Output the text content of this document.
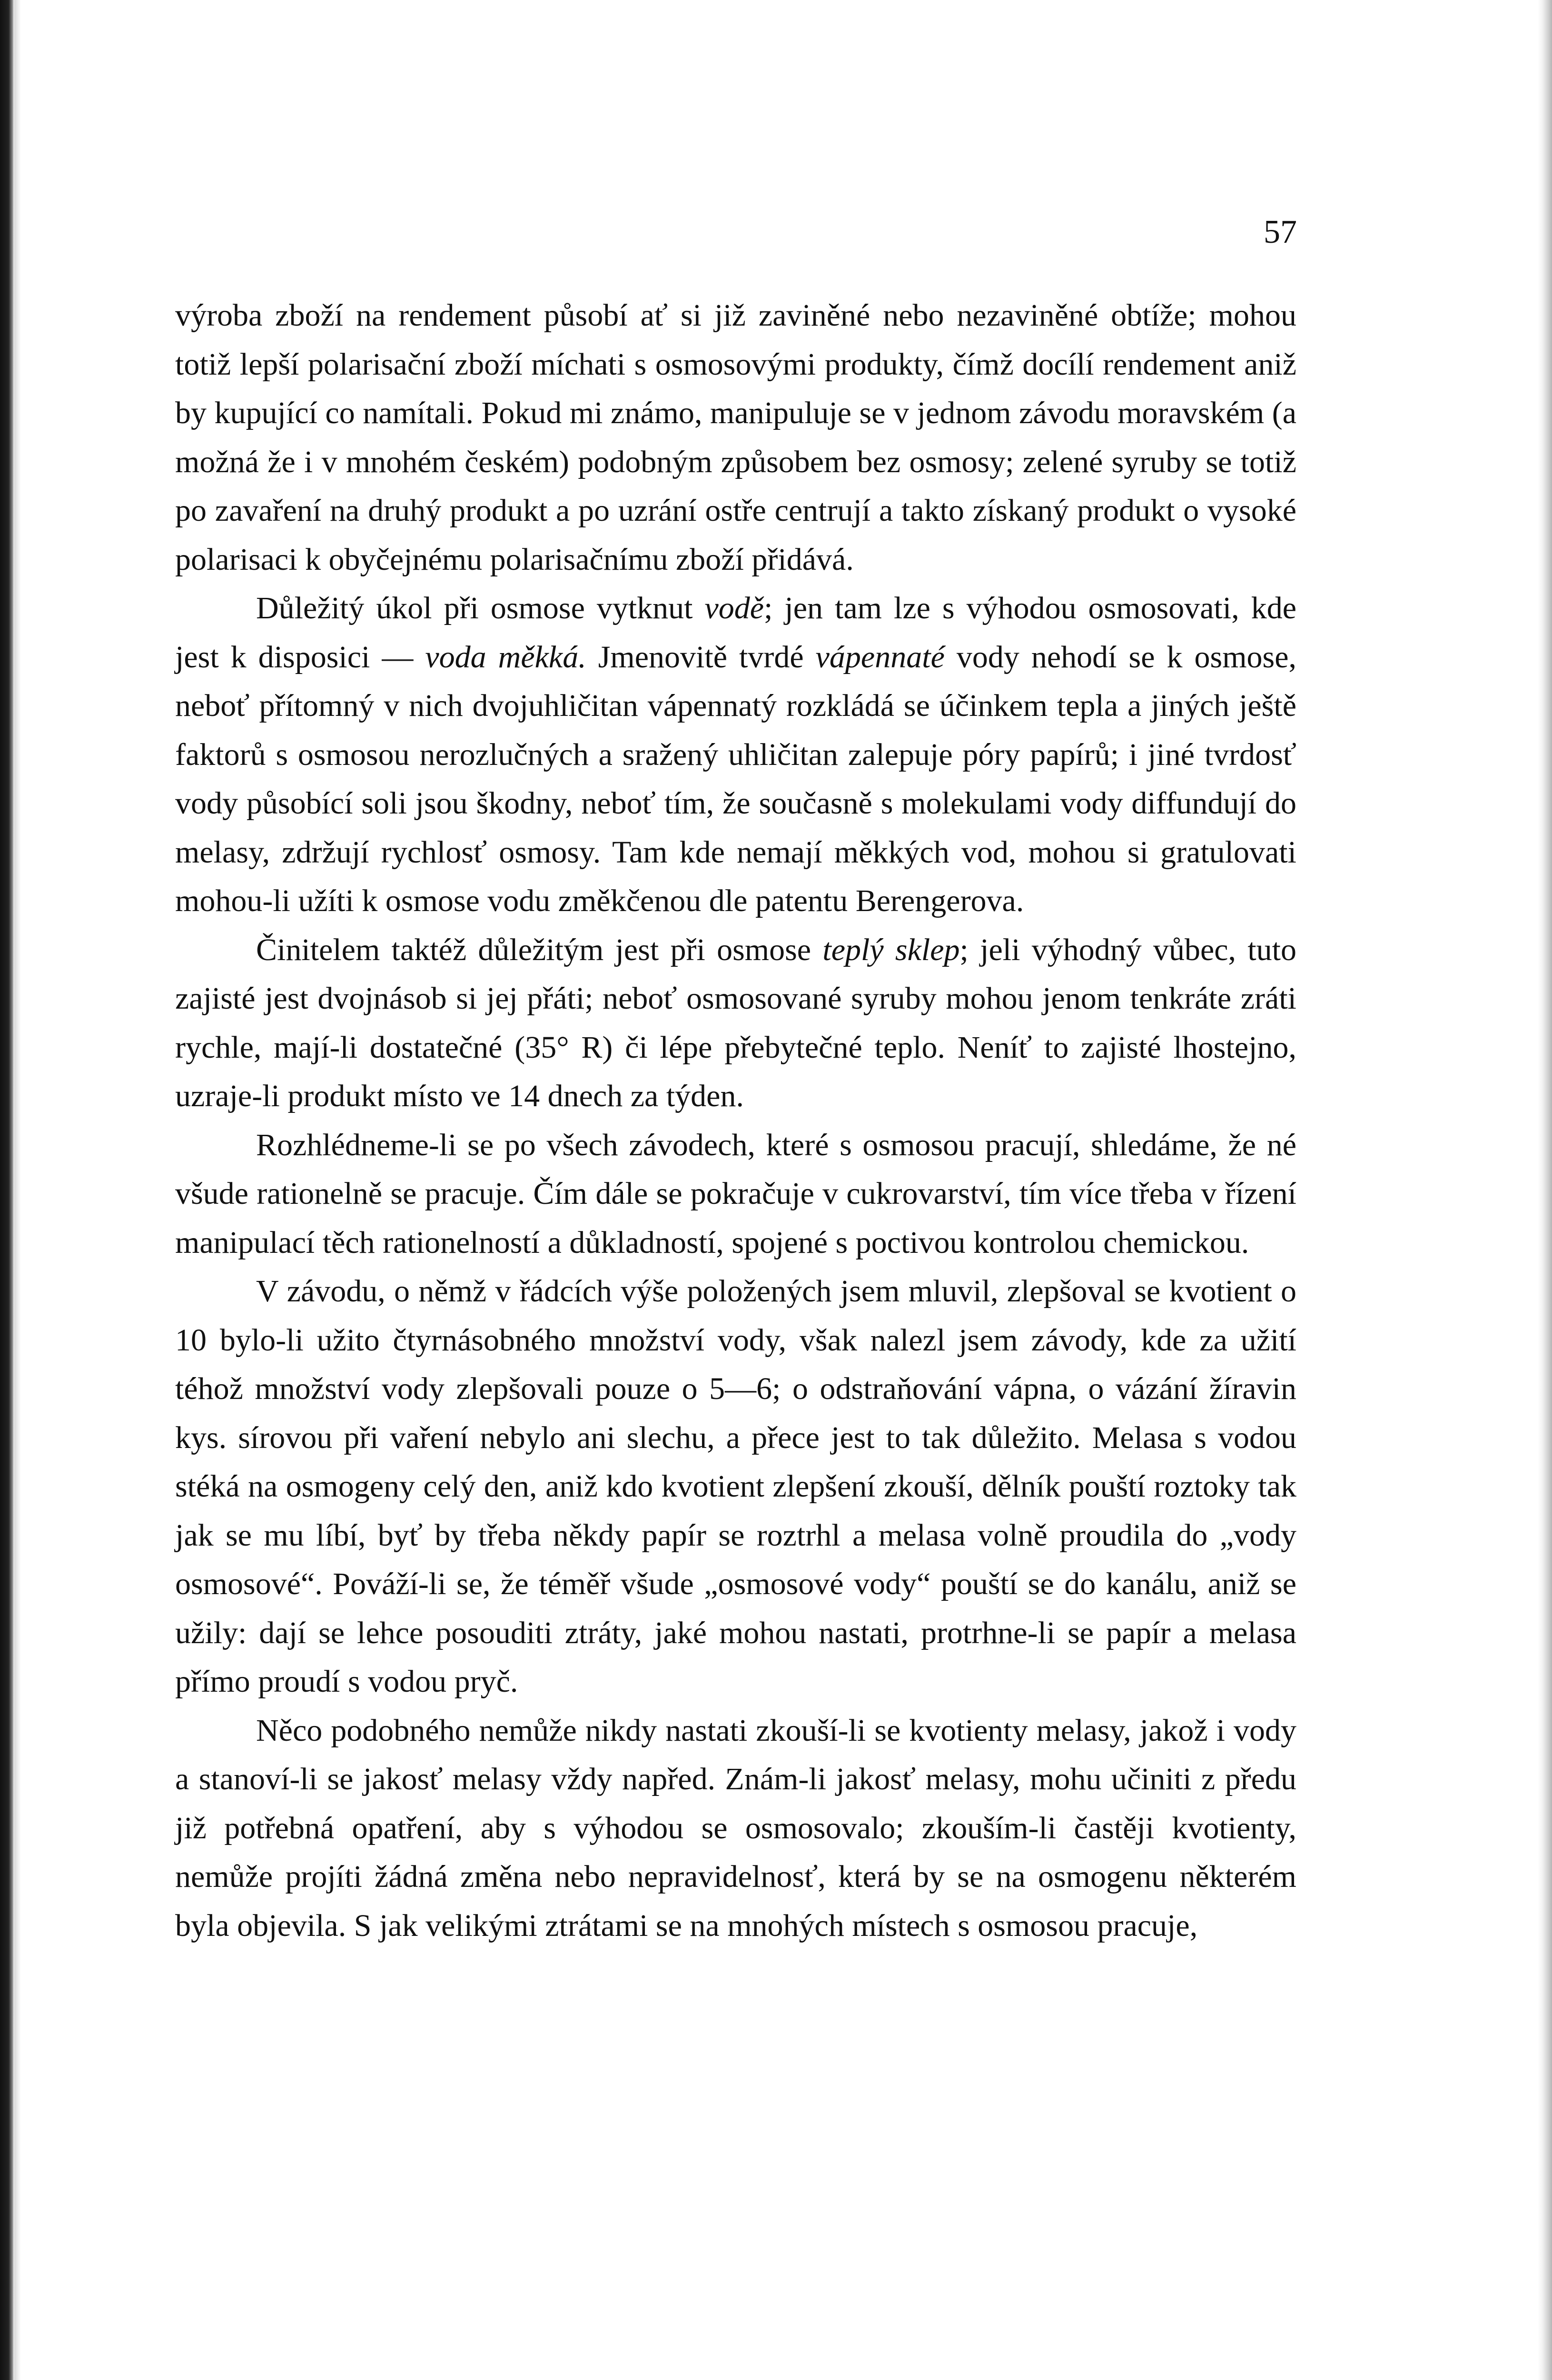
57

výroba zboží na rendement působí ať si již zaviněné nebo nezaviněné obtíže; mohou totiž lepší polarisační zboží míchati s osmosovými produkty, čímž docílí rendement aniž by kupující co namítali. Pokud mi známo, manipuluje se v jednom závodu moravském (a možná že i v mnohém českém) podobným způsobem bez osmosy; zelené syruby se totiž po zavaření na druhý produkt a po uzrání ostře centrují a takto získaný produkt o vysoké polarisaci k obyčejnému polarisačnímu zboží přidává.

Důležitý úkol při osmose vytknut vodě; jen tam lze s výhodou osmosovati, kde jest k disposici — voda měkká. Jmenovitě tvrdé vápennaté vody nehodí se k osmose, neboť přítomný v nich dvojuhličitan vápennatý rozkládá se účinkem tepla a jiných ještě faktorů s osmosou nerozlučných a sražený uhličitan zalepuje póry papírů; i jiné tvrdosť vody působící soli jsou škodny, neboť tím, že současně s molekulami vody diffundují do melasy, zdržují rychlosť osmosy. Tam kde nemají měkkých vod, mohou si gratulovati mohou-li užíti k osmose vodu změkčenou dle patentu Berengerova.

Činitelem taktéž důležitým jest při osmose teplý sklep; jeli výhodný vůbec, tuto zajisté jest dvojnásob si jej přáti; neboť osmosované syruby mohou jenom tenkráte zráti rychle, mají-li dostatečné (35° R) či lépe přebytečné teplo. Neníť to zajisté lhostejno, uzraje-li produkt místo ve 14 dnech za týden.

Rozhlédneme-li se po všech závodech, které s osmosou pracují, shledáme, že né všude rationelně se pracuje. Čím dále se pokračuje v cukrovarství, tím více třeba v řízení manipulací těch rationelností a důkladností, spojené s poctivou kontrolou chemickou.

V závodu, o němž v řádcích výše položených jsem mluvil, zlepšoval se kvotient o 10 bylo-li užito čtyrnásobného množství vody, však nalezl jsem závody, kde za užití téhož množství vody zlepšovali pouze o 5—6; o odstraňování vápna, o vázání žíravin kys. sírovou při vaření nebylo ani slechu, a přece jest to tak důležito. Melasa s vodou stéká na osmogeny celý den, aniž kdo kvotient zlepšení zkouší, dělník pouští roztoky tak jak se mu líbí, byť by třeba někdy papír se roztrhl a melasa volně proudila do „vody osmosové“. Pováží-li se, že téměř všude „osmosové vody“ pouští se do kanálu, aniž se užily: dají se lehce posouditi ztráty, jaké mohou nastati, protrhne-li se papír a melasa přímo proudí s vodou pryč.

Něco podobného nemůže nikdy nastati zkouší-li se kvotienty melasy, jakož i vody a stanoví-li se jakosť melasy vždy napřed. Znám-li jakosť melasy, mohu učiniti z předu již potřebná opatření, aby s výhodou se osmosovalo; zkouším-li častěji kvotienty, nemůže projíti žádná změna nebo nepravidelnosť, která by se na osmogenu některém byla objevila. S jak velikými ztrátami se na mnohých místech s osmosou pracuje,
